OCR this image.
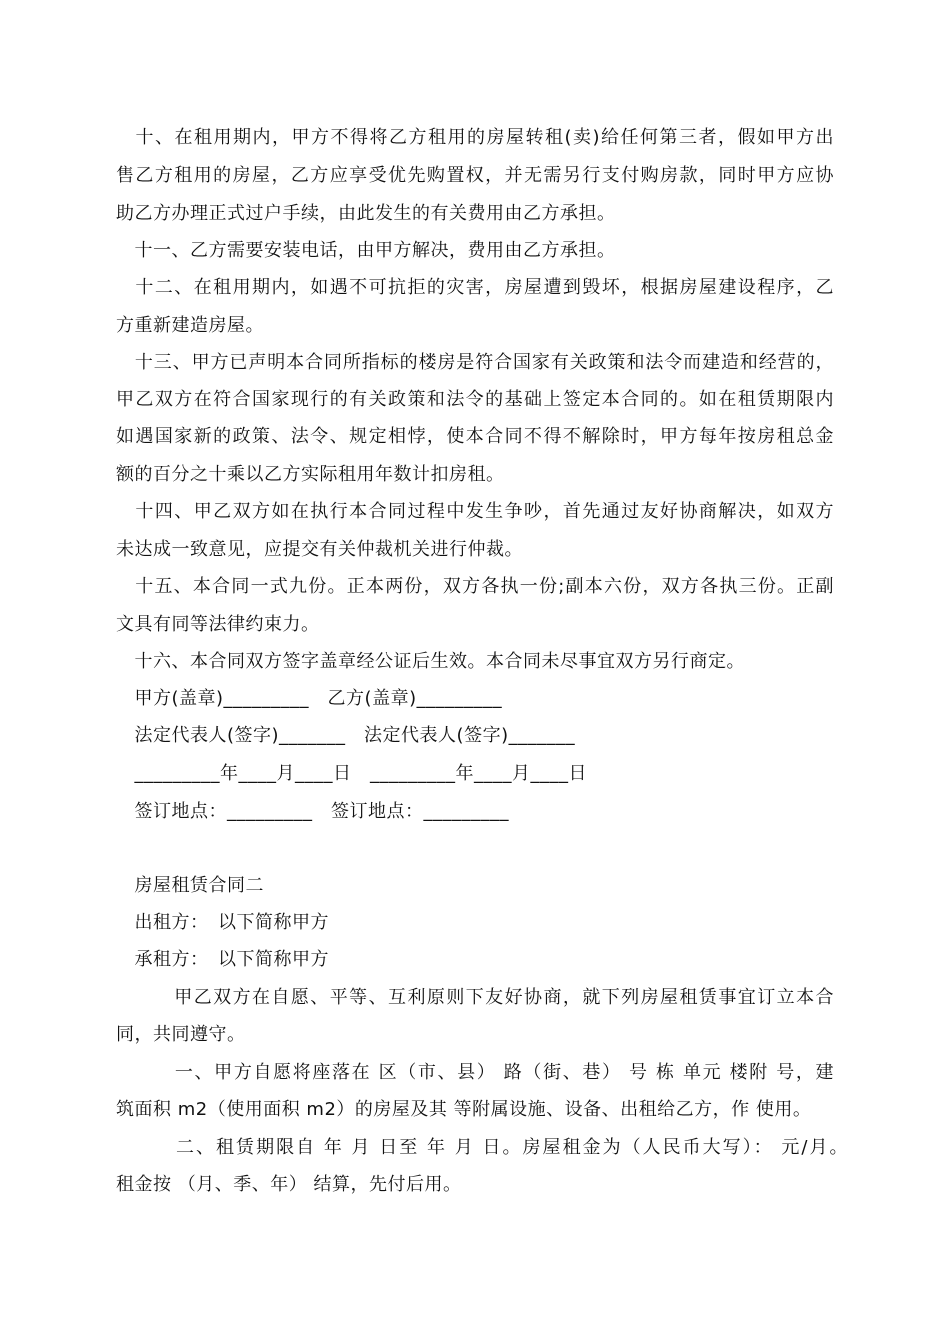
　十、在租用期内，甲方不得将乙方租用的房屋转租(卖)给任何第三者，假如甲方出
售乙方租用的房屋，乙方应享受优先购置权，并无需另行支付购房款，同时甲方应协
助乙方办理正式过户手续，由此发生的有关费用由乙方承担。
　十一、乙方需要安装电话，由甲方解决，费用由乙方承担。
　十二、在租用期内，如遇不可抗拒的灾害，房屋遭到毁坏，根据房屋建设程序，乙
方重新建造房屋。
　十三、甲方已声明本合同所指标的楼房是符合国家有关政策和法令而建造和经营的，
甲乙双方在符合国家现行的有关政策和法令的基础上签定本合同的。如在租赁期限内
如遇国家新的政策、法令、规定相悖，使本合同不得不解除时，甲方每年按房租总金
额的百分之十乘以乙方实际租用年数计扣房租。
　十四、甲乙双方如在执行本合同过程中发生争吵，首先通过友好协商解决，如双方
未达成一致意见，应提交有关仲裁机关进行仲裁。
　十五、本合同一式九份。正本两份，双方各执一份;副本六份，双方各执三份。正副
文具有同等法律约束力。
　十六、本合同双方签字盖章经公证后生效。本合同未尽事宜双方另行商定。
　甲方(盖章)_________　乙方(盖章)_________
　法定代表人(签字)_______　法定代表人(签字)_______
　_________年____月____日　_________年____月____日
　签订地点：_________　签订地点：_________
　房屋租赁合同二
　出租方：　以下简称甲方
　承租方：　以下简称甲方
　　　甲乙双方在自愿、平等、互利原则下友好协商，就下列房屋租赁事宜订立本合
同，共同遵守。
　　　一、甲方自愿将座落在 区（市、县） 路（街、巷） 号 栋 单元 楼附 号，建
筑面积 m2（使用面积 m2）的房屋及其 等附属设施、设备、出租给乙方，作 使用。
　　　二、租赁期限自 年 月 日至 年 月 日。房屋租金为（人民币大写）： 元/月。
租金按 （月、季、年） 结算，先付后用。
